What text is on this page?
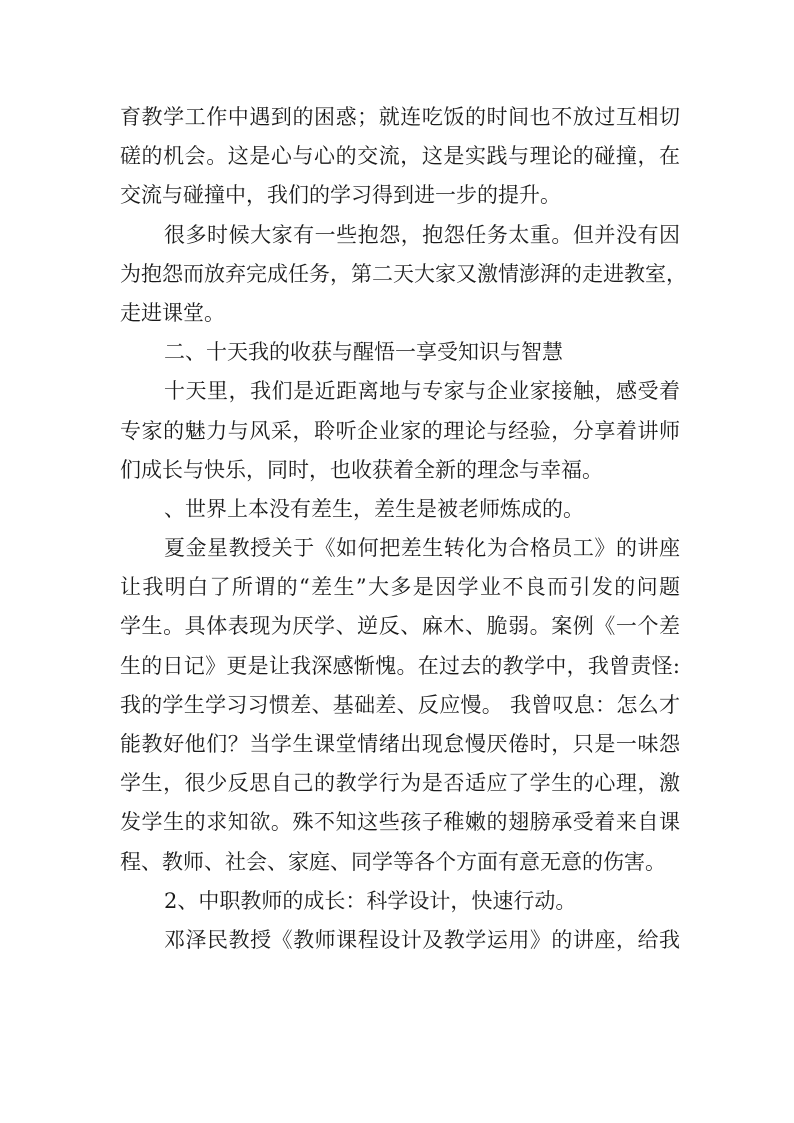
育教学工作中遇到的困惑；就连吃饭的时间也不放过互相切
磋的机会。这是心与心的交流，这是实践与理论的碰撞，在
交流与碰撞中，我们的学习得到进一步的提升。
很多时候大家有一些抱怨，抱怨任务太重。但并没有因
为抱怨而放弃完成任务，第二天大家又激情澎湃的走进教室，
走进课堂。
二、十天我的收获与醒悟一享受知识与智慧
十天里，我们是近距离地与专家与企业家接触，感受着
专家的魅力与风采，聆听企业家的理论与经验，分享着讲师
们成长与快乐，同时，也收获着全新的理念与幸福。
、世界上本没有差生，差生是被老师炼成的。
夏金星教授关于《如何把差生转化为合格员工》的讲座
让我明白了所谓的“差生”大多是因学业不良而引发的问题
学生。具体表现为厌学、逆反、麻木、脆弱。案例《一个差
生的日记》更是让我深感惭愧。在过去的教学中，我曾责怪:
我的学生学习习惯差、基础差、反应慢。 我曾叹息：怎么才
能教好他们？当学生课堂情绪出现怠慢厌倦时，只是一味怨
学生，很少反思自己的教学行为是否适应了学生的心理，激
发学生的求知欲。殊不知这些孩子稚嫩的翅膀承受着来自课
程、教师、社会、家庭、同学等各个方面有意无意的伤害。
2、中职教师的成长：科学设计，快速行动。
邓泽民教授《教师课程设计及教学运用》的讲座，给我
